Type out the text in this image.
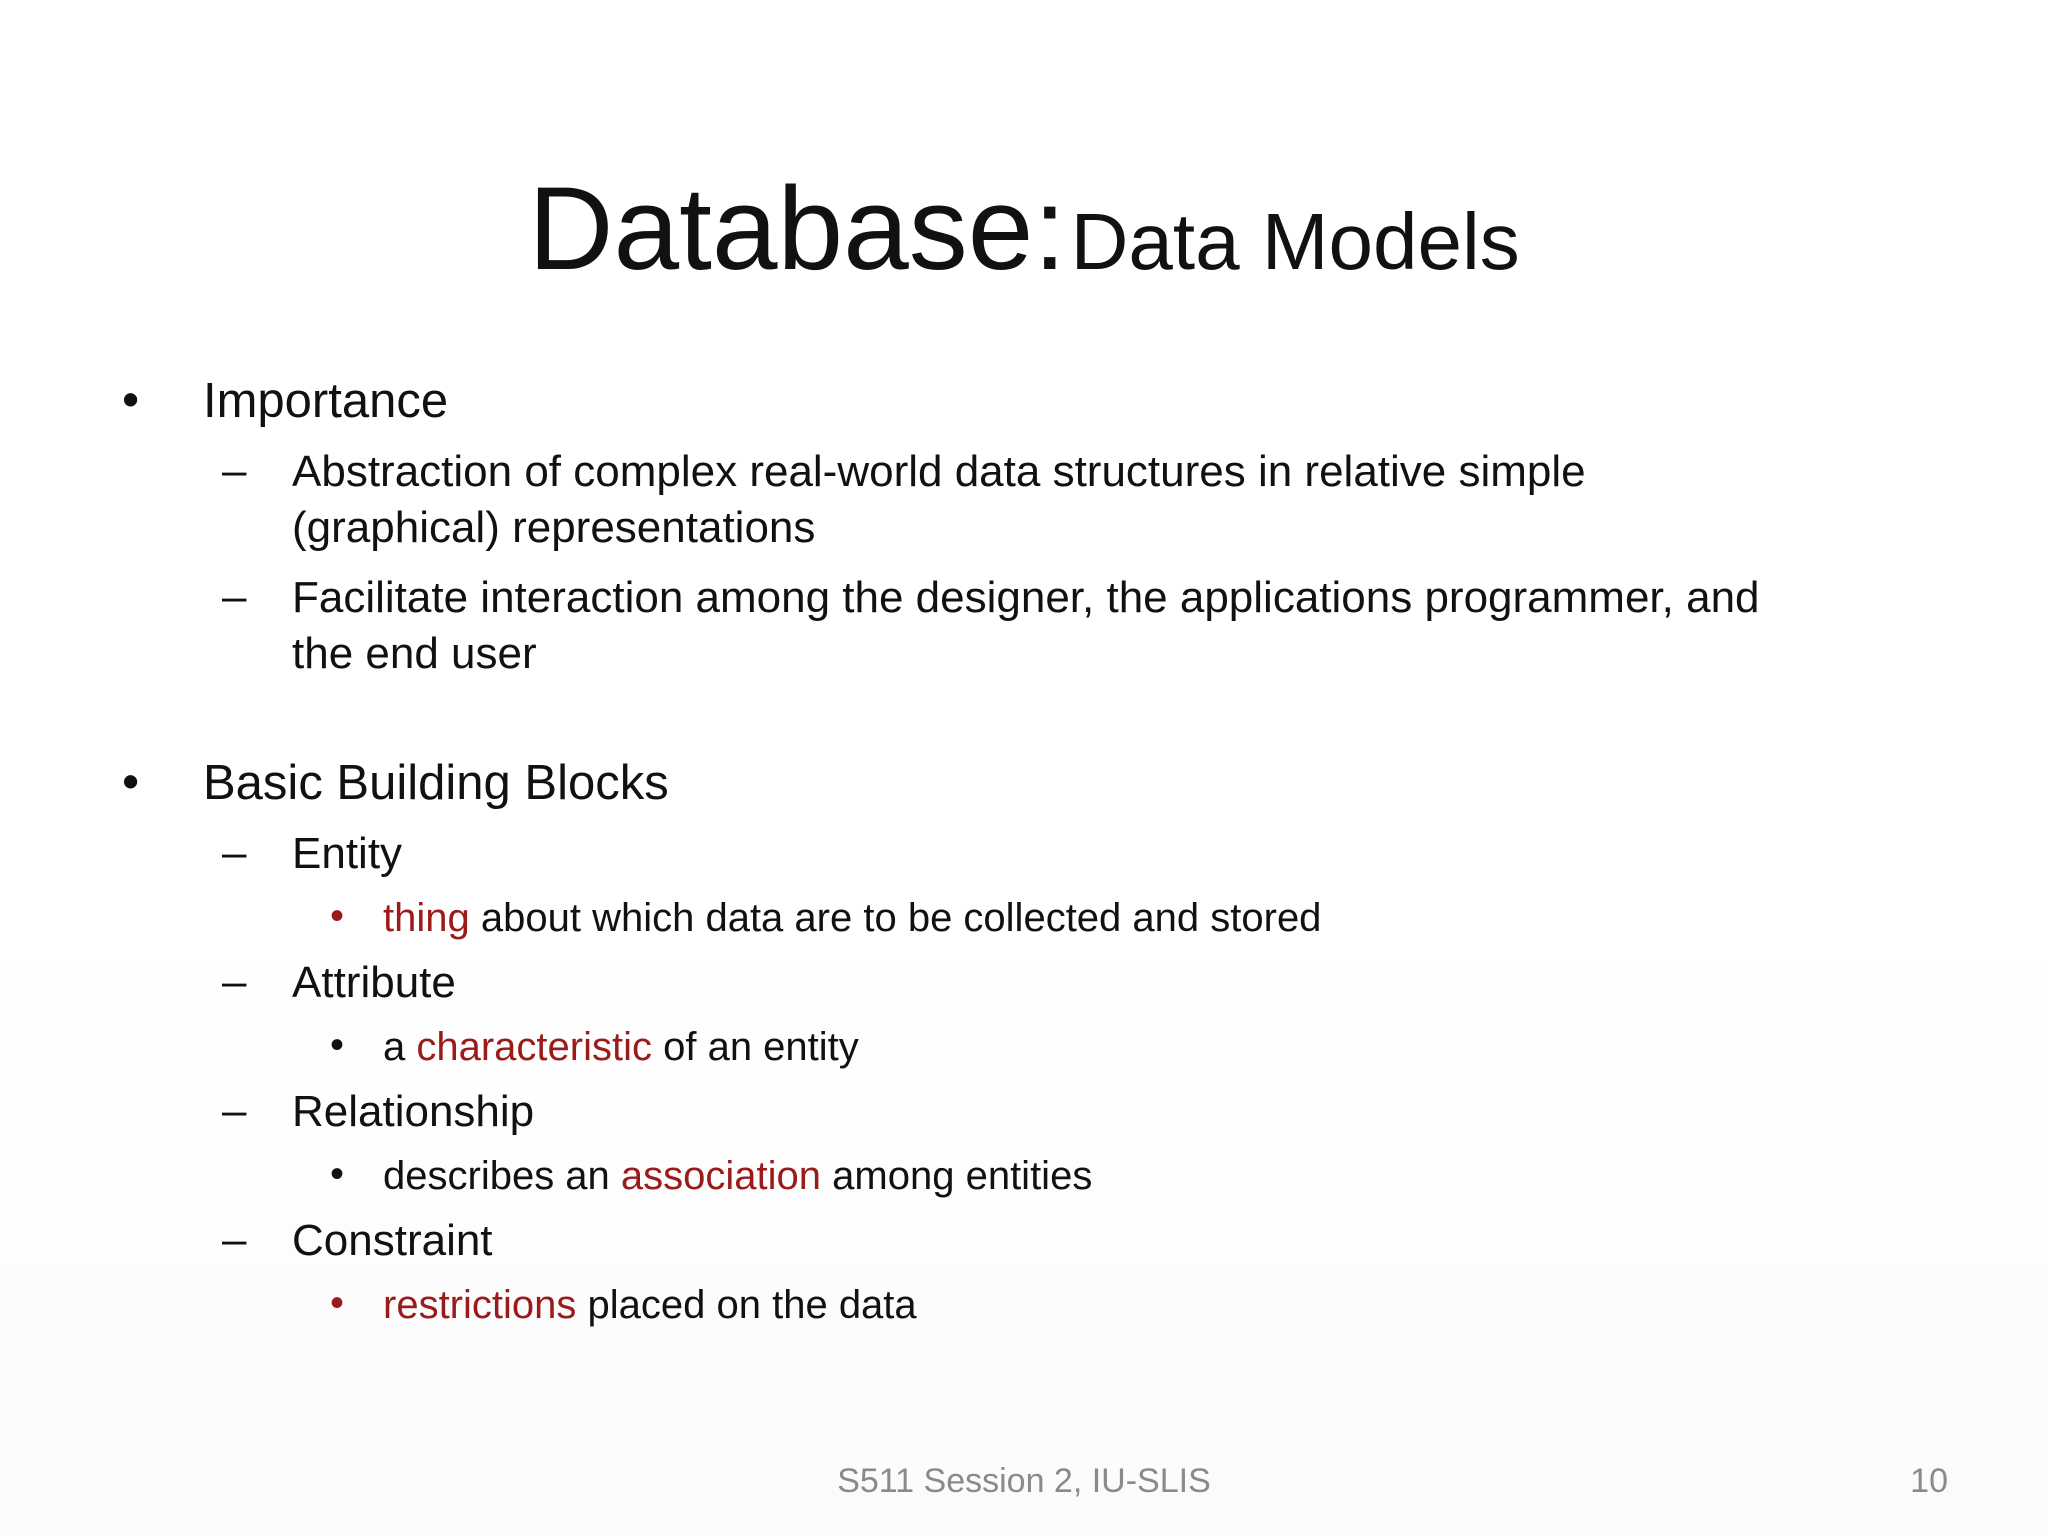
Database: Data Models
• Importance
– Abstraction of complex real-world data structures in relative simple
(graphical) representations
– Facilitate interaction among the designer, the applications programmer, and
the end user
• Basic Building Blocks
– Entity
• thing about which data are to be collected and stored
– Attribute
• a characteristic of an entity
– Relationship
• describes an association among entities
– Constraint
• restrictions placed on the data
S511 Session 2, IU-SLIS	10
